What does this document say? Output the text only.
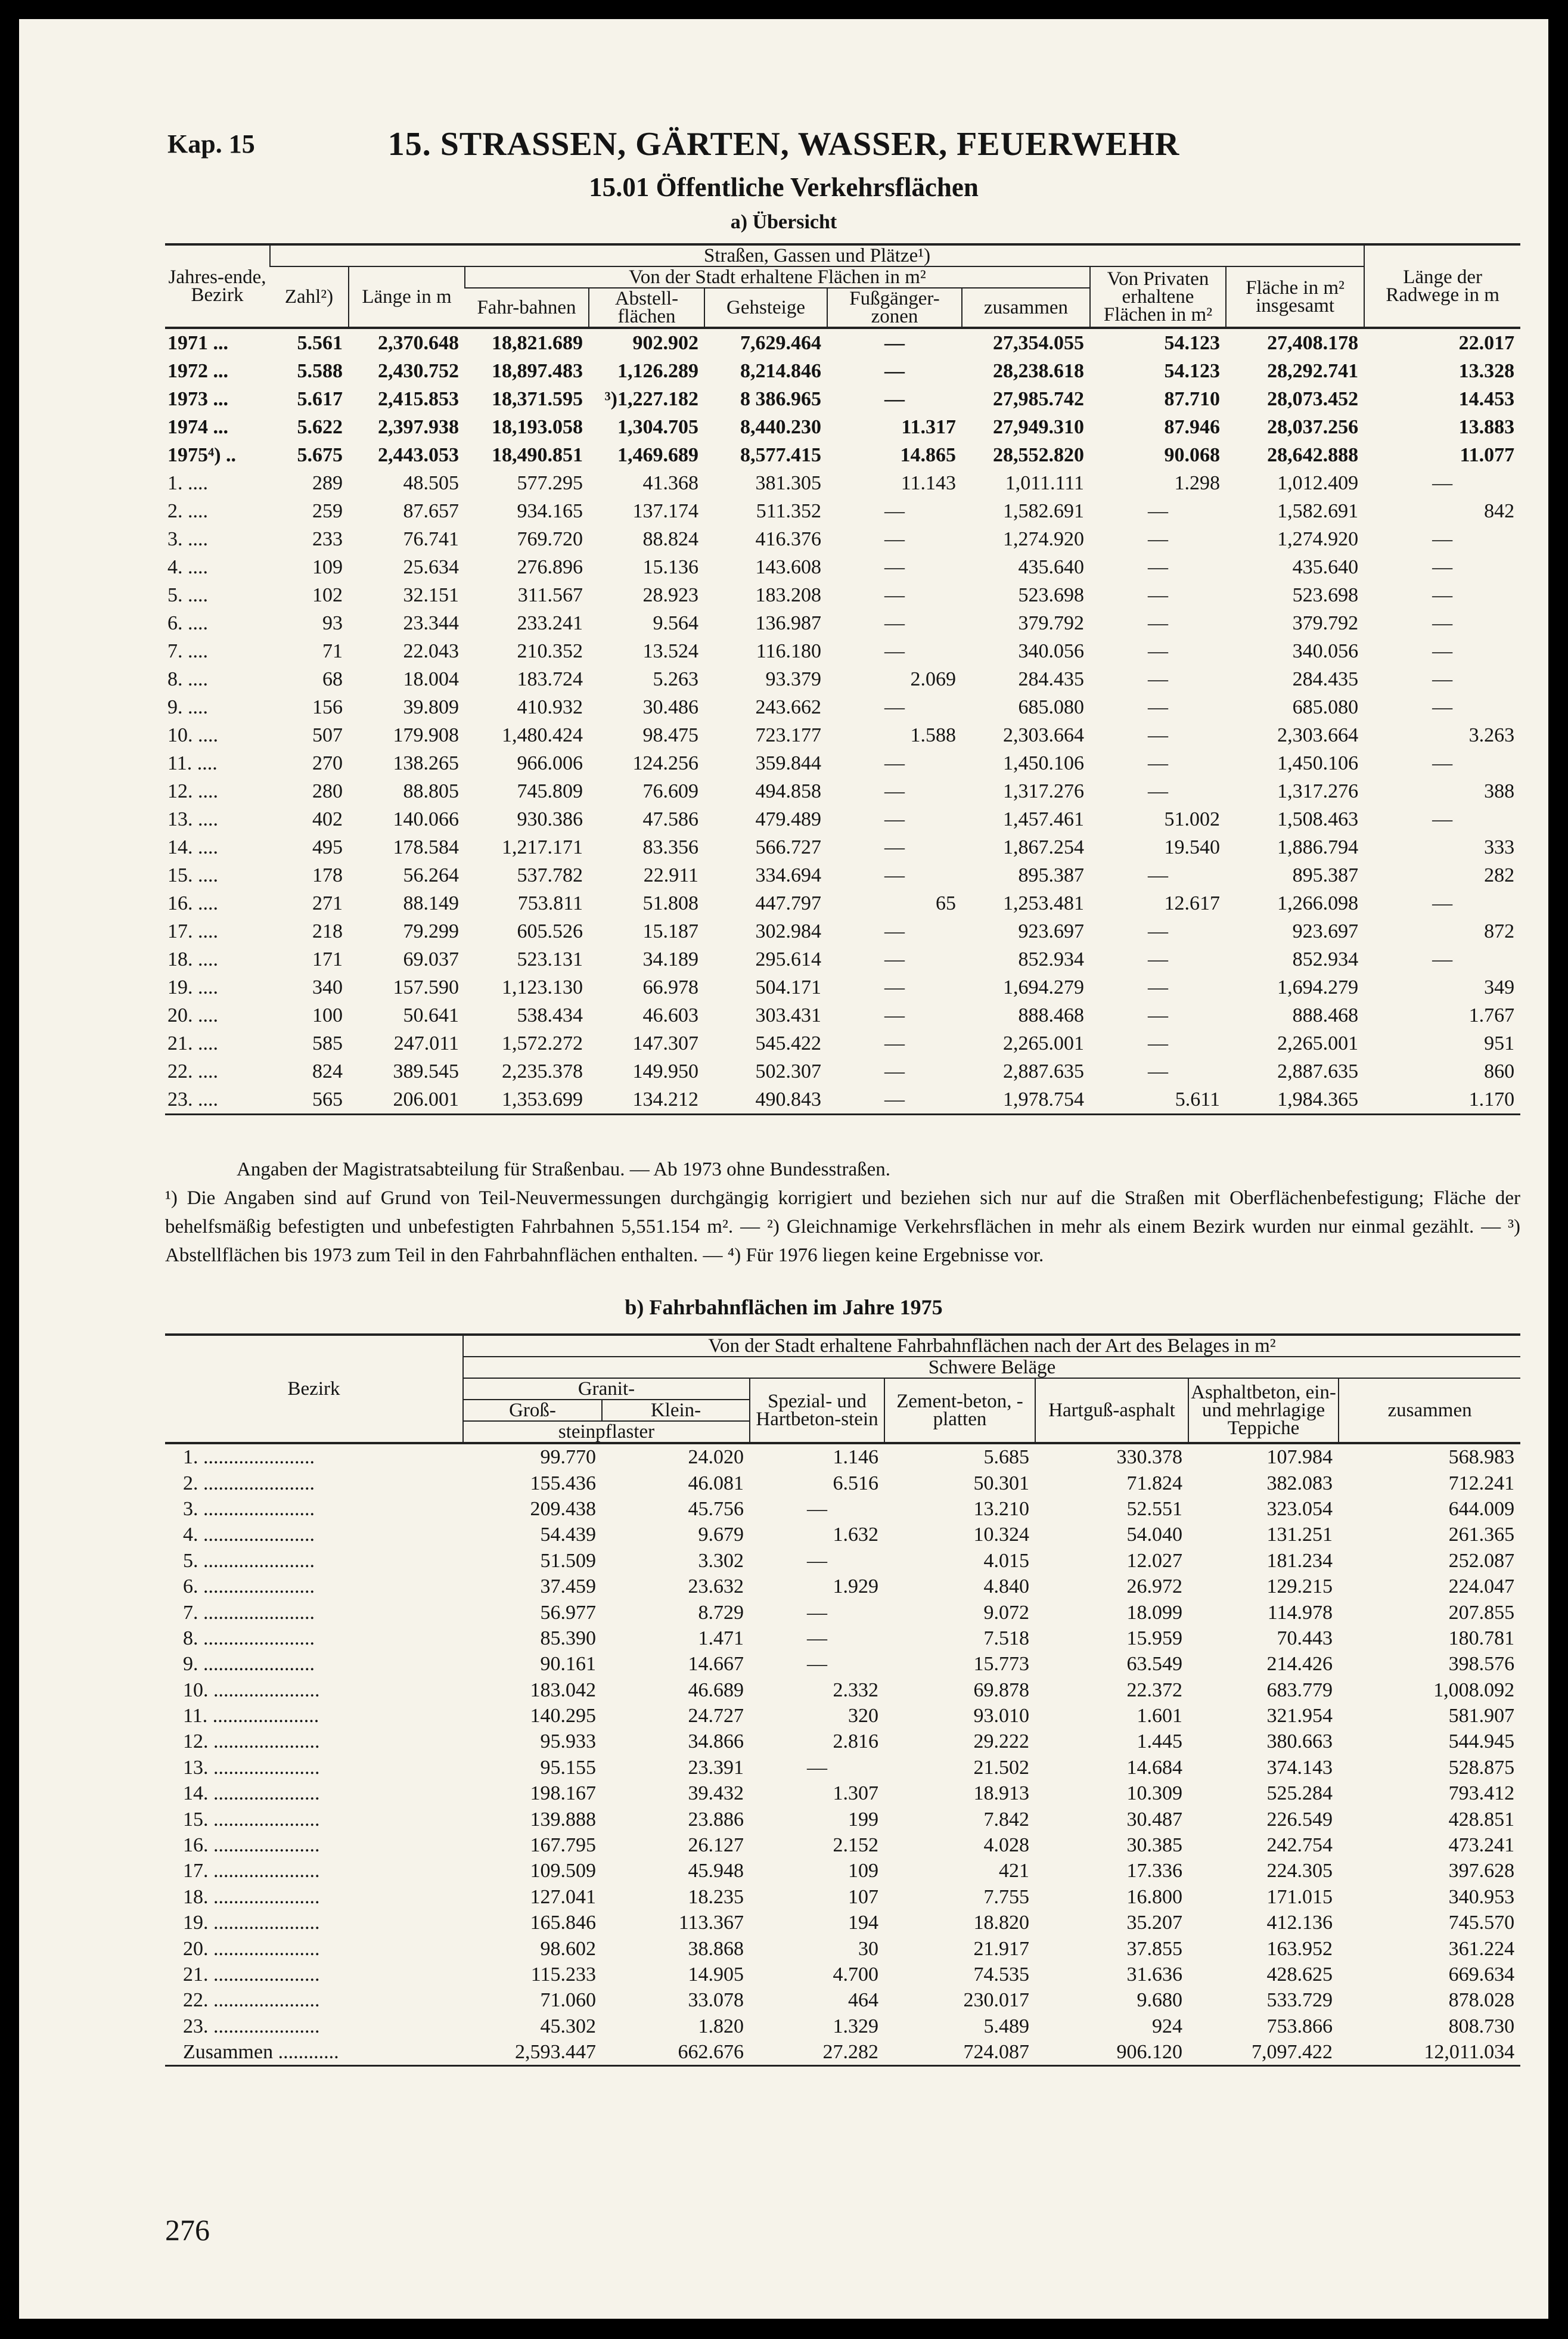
Kap. 15	15. STRASSEN, GÄRTEN, WASSER, FEUERWEHR
15.01 Öffentliche Verkehrsflächen
a) Übersicht
Jahres-ende, Bezirk	Straßen, Gassen und Plätze¹)									Länge der Radwege in m
	Zahl²)	Länge in m	Von der Stadt erhaltene Flächen in m²					Von Privaten erhaltene Flächen in m²	Fläche in m² insgesamt	
			Fahr-bahnen	Abstell-flächen	Gehsteige	Fußgänger-zonen	zusammen			
1971 ...	5.561	2,370.648	18,821.689	902.902	7,629.464	—	27,354.055	54.123	27,408.178	22.017
1972 ...	5.588	2,430.752	18,897.483	1,126.289	8,214.846	—	28,238.618	54.123	28,292.741	13.328
1973 ...	5.617	2,415.853	18,371.595	³)1,227.182	8 386.965	—	27,985.742	87.710	28,073.452	14.453
1974 ...	5.622	2,397.938	18,193.058	1,304.705	8,440.230	11.317	27,949.310	87.946	28,037.256	13.883
1975⁴) ..	5.675	2,443.053	18,490.851	1,469.689	8,577.415	14.865	28,552.820	90.068	28,642.888	11.077
1. ....	289	48.505	577.295	41.368	381.305	11.143	1,011.111	1.298	1,012.409	—
2. ....	259	87.657	934.165	137.174	511.352	—	1,582.691	—	1,582.691	842
3. ....	233	76.741	769.720	88.824	416.376	—	1,274.920	—	1,274.920	—
4. ....	109	25.634	276.896	15.136	143.608	—	435.640	—	435.640	—
5. ....	102	32.151	311.567	28.923	183.208	—	523.698	—	523.698	—
6. ....	93	23.344	233.241	9.564	136.987	—	379.792	—	379.792	—
7. ....	71	22.043	210.352	13.524	116.180	—	340.056	—	340.056	—
8. ....	68	18.004	183.724	5.263	93.379	2.069	284.435	—	284.435	—
9. ....	156	39.809	410.932	30.486	243.662	—	685.080	—	685.080	—
10. ....	507	179.908	1,480.424	98.475	723.177	1.588	2,303.664	—	2,303.664	3.263
11. ....	270	138.265	966.006	124.256	359.844	—	1,450.106	—	1,450.106	—
12. ....	280	88.805	745.809	76.609	494.858	—	1,317.276	—	1,317.276	388
13. ....	402	140.066	930.386	47.586	479.489	—	1,457.461	51.002	1,508.463	—
14. ....	495	178.584	1,217.171	83.356	566.727	—	1,867.254	19.540	1,886.794	333
15. ....	178	56.264	537.782	22.911	334.694	—	895.387	—	895.387	282
16. ....	271	88.149	753.811	51.808	447.797	65	1,253.481	12.617	1,266.098	—
17. ....	218	79.299	605.526	15.187	302.984	—	923.697	—	923.697	872
18. ....	171	69.037	523.131	34.189	295.614	—	852.934	—	852.934	—
19. ....	340	157.590	1,123.130	66.978	504.171	—	1,694.279	—	1,694.279	349
20. ....	100	50.641	538.434	46.603	303.431	—	888.468	—	888.468	1.767
21. ....	585	247.011	1,572.272	147.307	545.422	—	2,265.001	—	2,265.001	951
22. ....	824	389.545	2,235.378	149.950	502.307	—	2,887.635	—	2,887.635	860
23. ....	565	206.001	1,353.699	134.212	490.843	—	1,978.754	5.611	1,984.365	1.170

Angaben der Magistratsabteilung für Straßenbau. — Ab 1973 ohne Bundesstraßen.

¹) Die Angaben sind auf Grund von Teil-Neuvermessungen durchgängig korrigiert und beziehen sich nur auf die Straßen mit Oberflächenbefestigung; Fläche der behelfsmäßig befestigten und unbefestigten Fahrbahnen 5,551.154 m². — ²) Gleichnamige Verkehrsflächen in mehr als einem Bezirk wurden nur einmal gezählt. — ³) Abstellflächen bis 1973 zum Teil in den Fahrbahnflächen enthalten. — ⁴) Für 1976 liegen keine Ergebnisse vor.

b) Fahrbahnflächen im Jahre 1975
Bezirk	Von der Stadt erhaltene Fahrbahnflächen nach der Art des Belages in m²						
	Schwere Beläge						
	Granit-		Spezial- und Hartbeton-stein	Zement-beton, -platten	Hartguß-asphalt	Asphaltbeton, ein- und mehrlagige Teppiche	zusammen
	Groß-	Klein-					
	steinpflaster						
1. ......................	99.770	24.020	1.146	5.685	330.378	107.984	568.983
2. ......................	155.436	46.081	6.516	50.301	71.824	382.083	712.241
3. ......................	209.438	45.756	—	13.210	52.551	323.054	644.009
4. ......................	54.439	9.679	1.632	10.324	54.040	131.251	261.365
5. ......................	51.509	3.302	—	4.015	12.027	181.234	252.087
6. ......................	37.459	23.632	1.929	4.840	26.972	129.215	224.047
7. ......................	56.977	8.729	—	9.072	18.099	114.978	207.855
8. ......................	85.390	1.471	—	7.518	15.959	70.443	180.781
9. ......................	90.161	14.667	—	15.773	63.549	214.426	398.576
10. .....................	183.042	46.689	2.332	69.878	22.372	683.779	1,008.092
11. .....................	140.295	24.727	320	93.010	1.601	321.954	581.907
12. .....................	95.933	34.866	2.816	29.222	1.445	380.663	544.945
13. .....................	95.155	23.391	—	21.502	14.684	374.143	528.875
14. .....................	198.167	39.432	1.307	18.913	10.309	525.284	793.412
15. .....................	139.888	23.886	199	7.842	30.487	226.549	428.851
16. .....................	167.795	26.127	2.152	4.028	30.385	242.754	473.241
17. .....................	109.509	45.948	109	421	17.336	224.305	397.628
18. .....................	127.041	18.235	107	7.755	16.800	171.015	340.953
19. .....................	165.846	113.367	194	18.820	35.207	412.136	745.570
20. .....................	98.602	38.868	30	21.917	37.855	163.952	361.224
21. .....................	115.233	14.905	4.700	74.535	31.636	428.625	669.634
22. .....................	71.060	33.078	464	230.017	9.680	533.729	878.028
23. .....................	45.302	1.820	1.329	5.489	924	753.866	808.730
Zusammen ............	2,593.447	662.676	27.282	724.087	906.120	7,097.422	12,011.034
276
